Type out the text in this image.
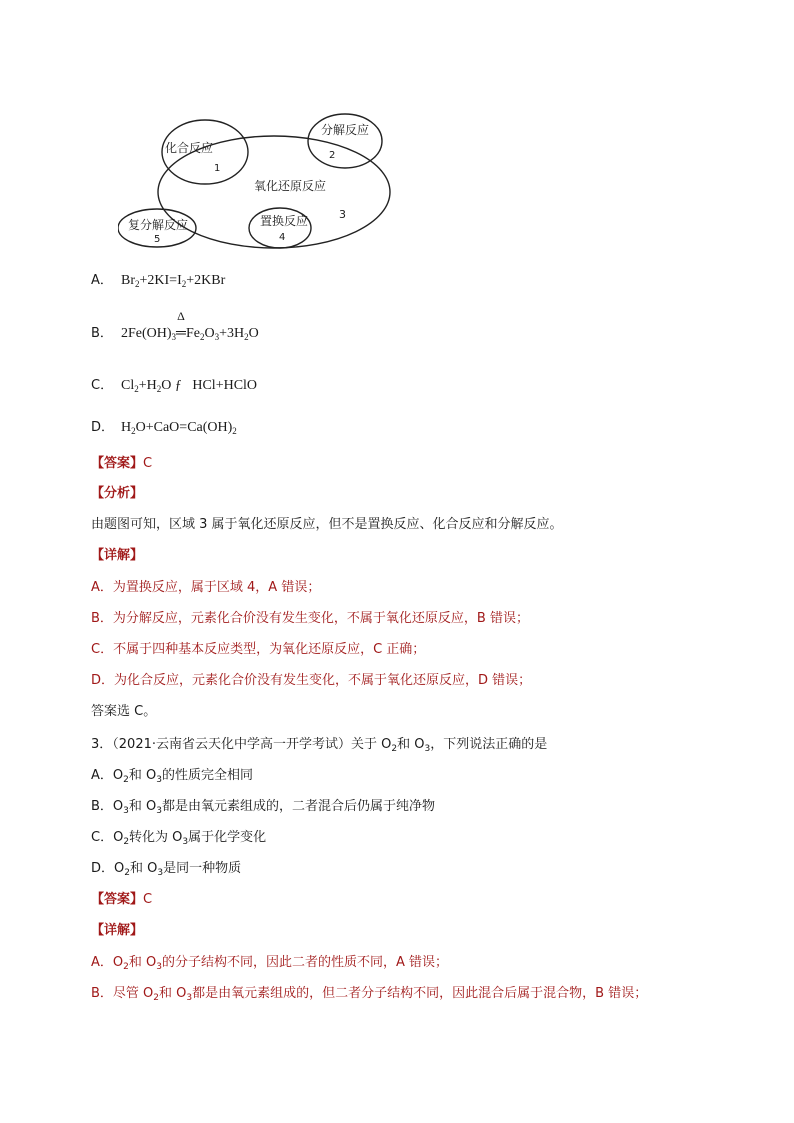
化合反应
1
分解反应
2
氧化还原反应
3
置换反应
4
复分解反应
5
A． $Br_2+2KI=I_2+2KBr$
B． $2Fe(OH)_3$
Δ
$═Fe_2O_3+3H_2O$
C． $Cl_2+H_2O$ ƒ   HCl+HClO
D． $H_2O+CaO=Ca(OH)_2$
【答案】C
【分析】
由题图可知，区域 3 属于氧化还原反应，但不是置换反应、化合反应和分解反应。
【详解】
A．为置换反应，属于区域 4，A 错误；
B．为分解反应，元素化合价没有发生变化，不属于氧化还原反应，B 错误；
C．不属于四种基本反应类型，为氧化还原反应，C 正确；
D．为化合反应，元素化合价没有发生变化，不属于氧化还原反应，D 错误；
答案选 C。
3．（2021·云南省云天化中学高一开学考试）关于 $O_2$和 $O_3$，下列说法正确的是
A．$O_2$和 $O_3$的性质完全相同
B．$O_3$和 $O_3$都是由氧元素组成的，二者混合后仍属于纯净物
C．$O_2$转化为 $O_3$属于化学变化
D．$O_2$和 $O_3$是同一种物质
【答案】C
【详解】
A．$O_2$和 $O_3$的分子结构不同，因此二者的性质不同，A 错误；
B．尽管 $O_2$和 $O_3$都是由氧元素组成的，但二者分子结构不同，因此混合后属于混合物，B 错误；
